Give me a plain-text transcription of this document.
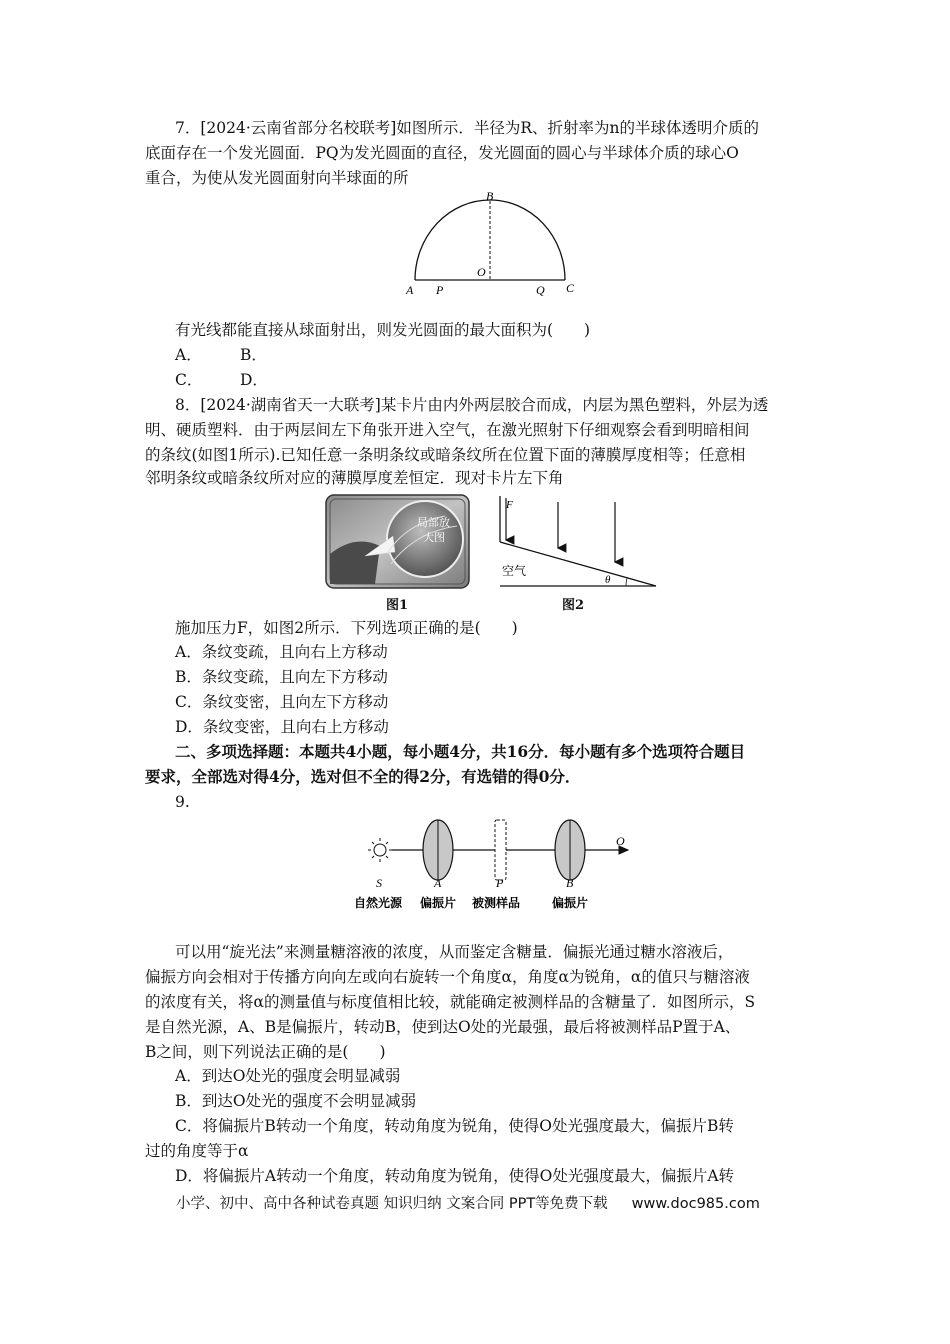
7．[2024·云南省部分名校联考]如图所示．半径为R、折射率为n的半球体透明介质的
底面存在一个发光圆面．PQ为发光圆面的直径，发光圆面的圆心与半球体介质的球心O
重合，为使从发光圆面射向半球面的所
B
O
A P	Q C
有光线都能直接从球面射出，则发光圆面的最大面积为(　　)
A．	B．
C．	D．
8．[2024·湖南省天一大联考]某卡片由内外两层胶合而成，内层为黑色塑料，外层为透
明、硬质塑料．由于两层间左下角张开进入空气，在激光照射下仔细观察会看到明暗相间
的条纹(如图1所示).已知任意一条明条纹或暗条纹所在位置下面的薄膜厚度相等；任意相
邻明条纹或暗条纹所对应的薄膜厚度差恒定．现对卡片左下角
局部放
大图
F
空气
θ
图1	图2
施加压力F，如图2所示．下列选项正确的是(　　)
A．条纹变疏，且向右上方移动
B．条纹变疏，且向左下方移动
C．条纹变密，且向左下方移动
D．条纹变密，且向右上方移动
二、多项选择题：本题共4小题，每小题4分，共16分．每小题有多个选项符合题目
要求，全部选对得4分，选对但不全的得2分，有选错的得0分．
9.
O
S	A	P	B
自然光源 偏振片 被测样品	偏振片
可以用“旋光法”来测量糖溶液的浓度，从而鉴定含糖量．偏振光通过糖水溶液后，
偏振方向会相对于传播方向向左或向右旋转一个角度α，角度α为锐角，α的值只与糖溶液
的浓度有关，将α的测量值与标度值相比较，就能确定被测样品的含糖量了．如图所示，S
是自然光源，A、B是偏振片，转动B，使到达O处的光最强，最后将被测样品P置于A、
B之间，则下列说法正确的是(　　)
A．到达O处光的强度会明显减弱
B．到达O处光的强度不会明显减弱
C．将偏振片B转动一个角度，转动角度为锐角，使得O处光强度最大，偏振片B转
过的角度等于α
D．将偏振片A转动一个角度，转动角度为锐角，使得O处光强度最大，偏振片A转
小学、初中、高中各种试卷真题 知识归纳 文案合同 PPT等免费下载 www.doc985.com
